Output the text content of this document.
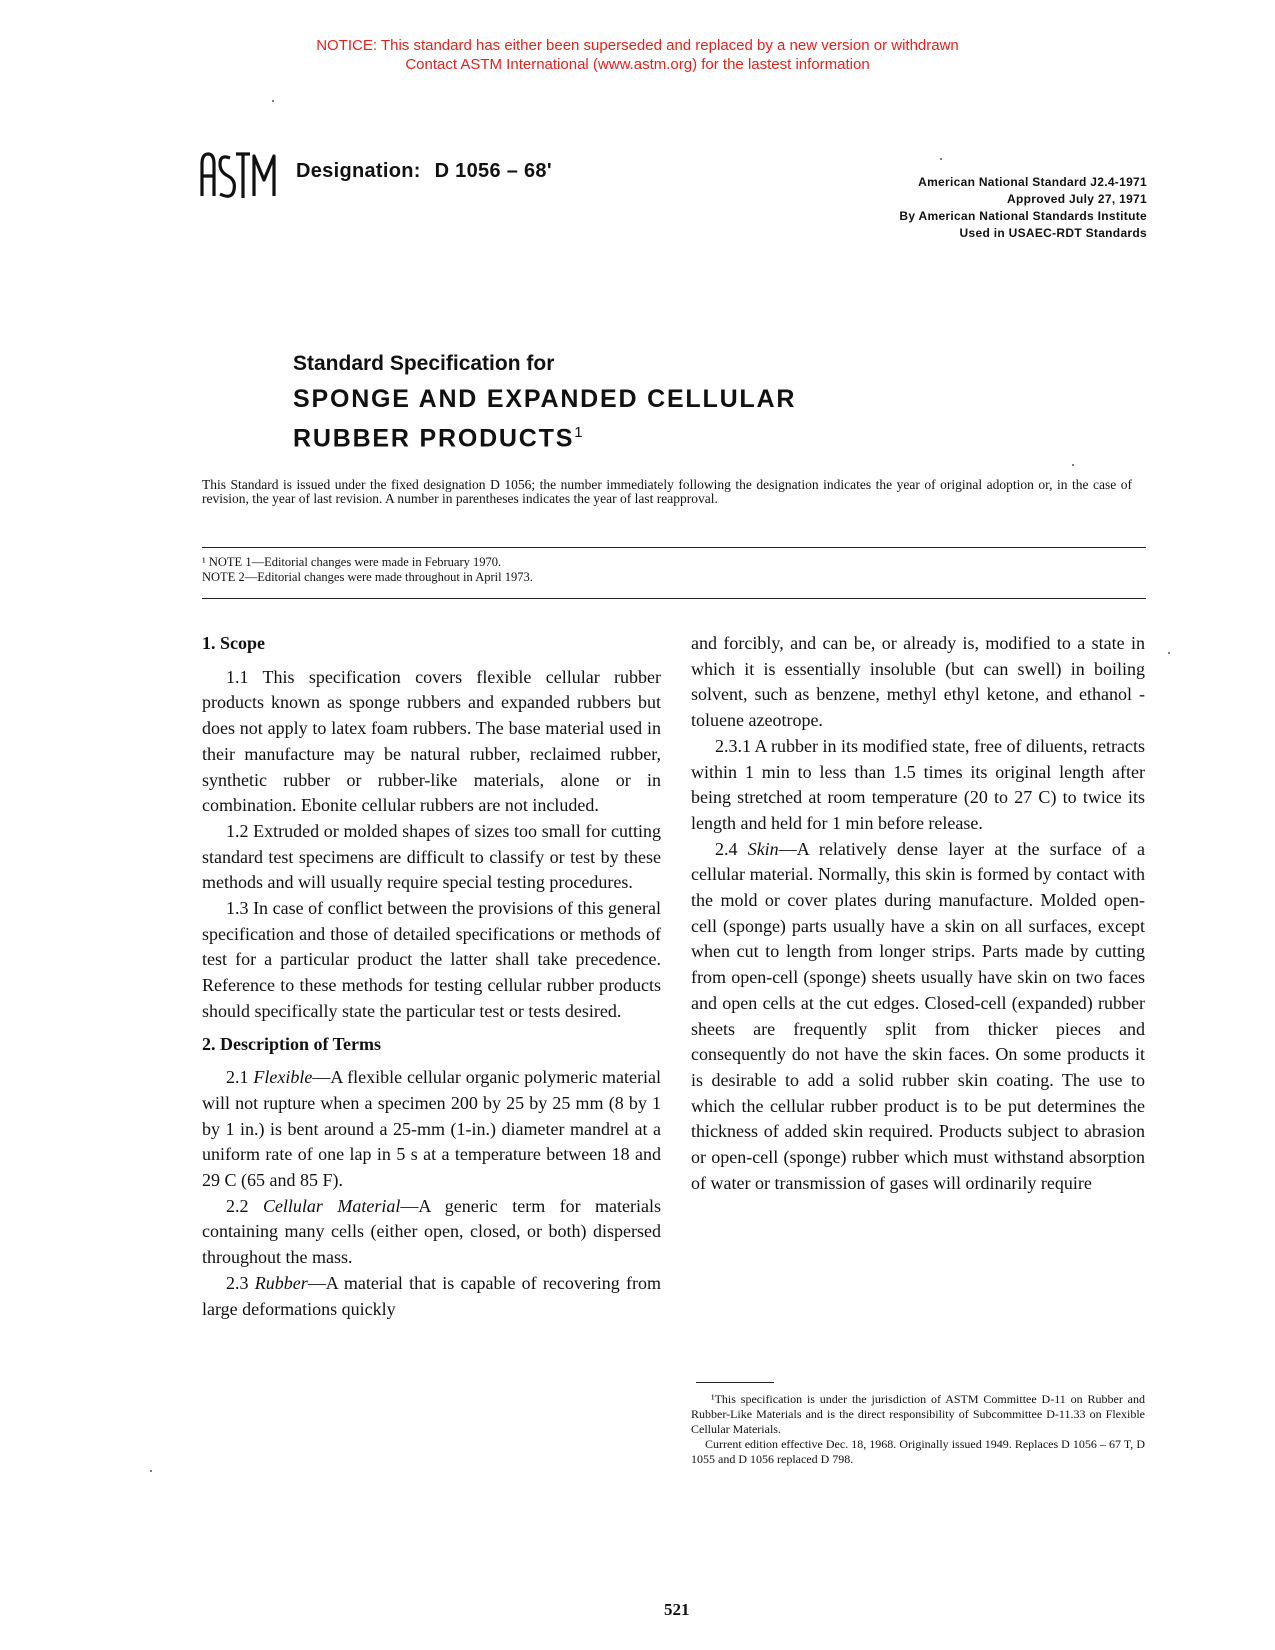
NOTICE: This standard has either been superseded and replaced by a new version or withdrawn
Contact ASTM International (www.astm.org) for the lastest information
Designation: D 1056 – 68'	American National Standard J2.4-1971
Approved July 27, 1971
By American National Standards Institute
Used in USAEC-RDT Standards
Standard Specification for
SPONGE AND EXPANDED CELLULAR
RUBBER PRODUCTS$^1$
This Standard is issued under the fixed designation D 1056; the number immediately following the designation indicates the year of original adoption or, in the case of revision, the year of last revision. A number in parentheses indicates the year of last reapproval.
¹ NOTE 1—Editorial changes were made in February 1970.
NOTE 2—Editorial changes were made throughout in April 1973.
1. Scope

1.1 This specification covers flexible cellular rubber products known as sponge rubbers and expanded rubbers but does not apply to latex foam rubbers. The base material used in their manufacture may be natural rubber, reclaimed rubber, synthetic rubber or rubber-like materials, alone or in combination. Ebonite cellular rubbers are not included.

1.2 Extruded or molded shapes of sizes too small for cutting standard test specimens are difficult to classify or test by these methods and will usually require special testing procedures.

1.3 In case of conflict between the provisions of this general specification and those of detailed specifications or methods of test for a particular product the latter shall take precedence. Reference to these methods for testing cellular rubber products should specifically state the particular test or tests desired.

2. Description of Terms

2.1 Flexible—A flexible cellular organic polymeric material will not rupture when a specimen 200 by 25 by 25 mm (8 by 1 by 1 in.) is bent around a 25-mm (1-in.) diameter mandrel at a uniform rate of one lap in 5 s at a temperature between 18 and 29 C (65 and 85 F).

2.2 Cellular Material—A generic term for materials containing many cells (either open, closed, or both) dispersed throughout the mass.

2.3 Rubber—A material that is capable of recovering from large deformations quickly

and forcibly, and can be, or already is, modified to a state in which it is essentially insoluble (but can swell) in boiling solvent, such as benzene, methyl ethyl ketone, and ethanol - toluene azeotrope.

2.3.1 A rubber in its modified state, free of diluents, retracts within 1 min to less than 1.5 times its original length after being stretched at room temperature (20 to 27 C) to twice its length and held for 1 min before release.

2.4 Skin—A relatively dense layer at the surface of a cellular material. Normally, this skin is formed by contact with the mold or cover plates during manufacture. Molded open-cell (sponge) parts usually have a skin on all surfaces, except when cut to length from longer strips. Parts made by cutting from open-cell (sponge) sheets usually have skin on two faces and open cells at the cut edges. Closed-cell (expanded) rubber sheets are frequently split from thicker pieces and consequently do not have the skin faces. On some products it is desirable to add a solid rubber skin coating. The use to which the cellular rubber product is to be put determines the thickness of added skin required. Products subject to abrasion or open-cell (sponge) rubber which must withstand absorption of water or transmission of gases will ordinarily require

¹This specification is under the jurisdiction of ASTM Committee D-11 on Rubber and Rubber-Like Materials and is the direct responsibility of Subcommittee D-11.33 on Flexible Cellular Materials.

Current edition effective Dec. 18, 1968. Originally issued 1949. Replaces D 1056 – 67 T, D 1055 and D 1056 replaced D 798.

521
